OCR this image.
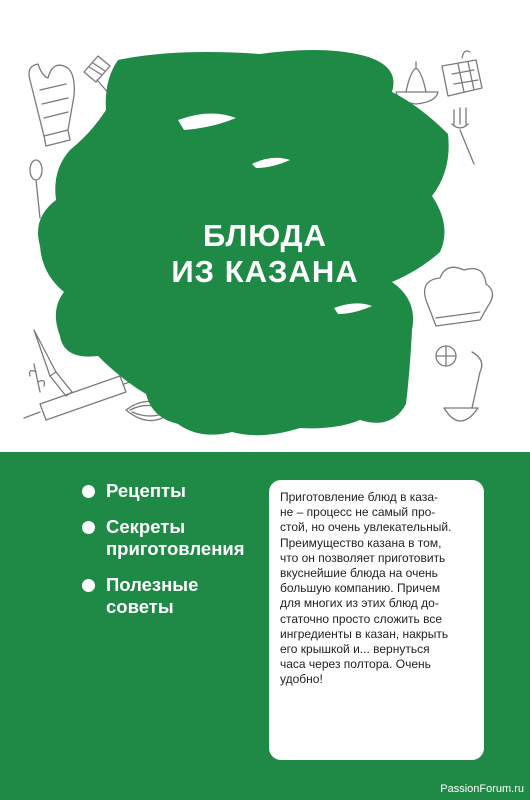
БЛЮДА
ИЗ КАЗАНА
Рецепты
Секреты
приготовления
Полезные
советы
Приготовление блюд в каза-
не – процесс не самый про-
стой, но очень увлекательный.
Преимущество казана в том,
что он позволяет приготовить
вкуснейшие блюда на очень
большую компанию. Причем
для многих из этих блюд до-
статочно просто сложить все
ингредиенты в казан, накрыть
его крышкой и... вернуться
часа через полтора. Очень
удобно!
PassionForum.ru
